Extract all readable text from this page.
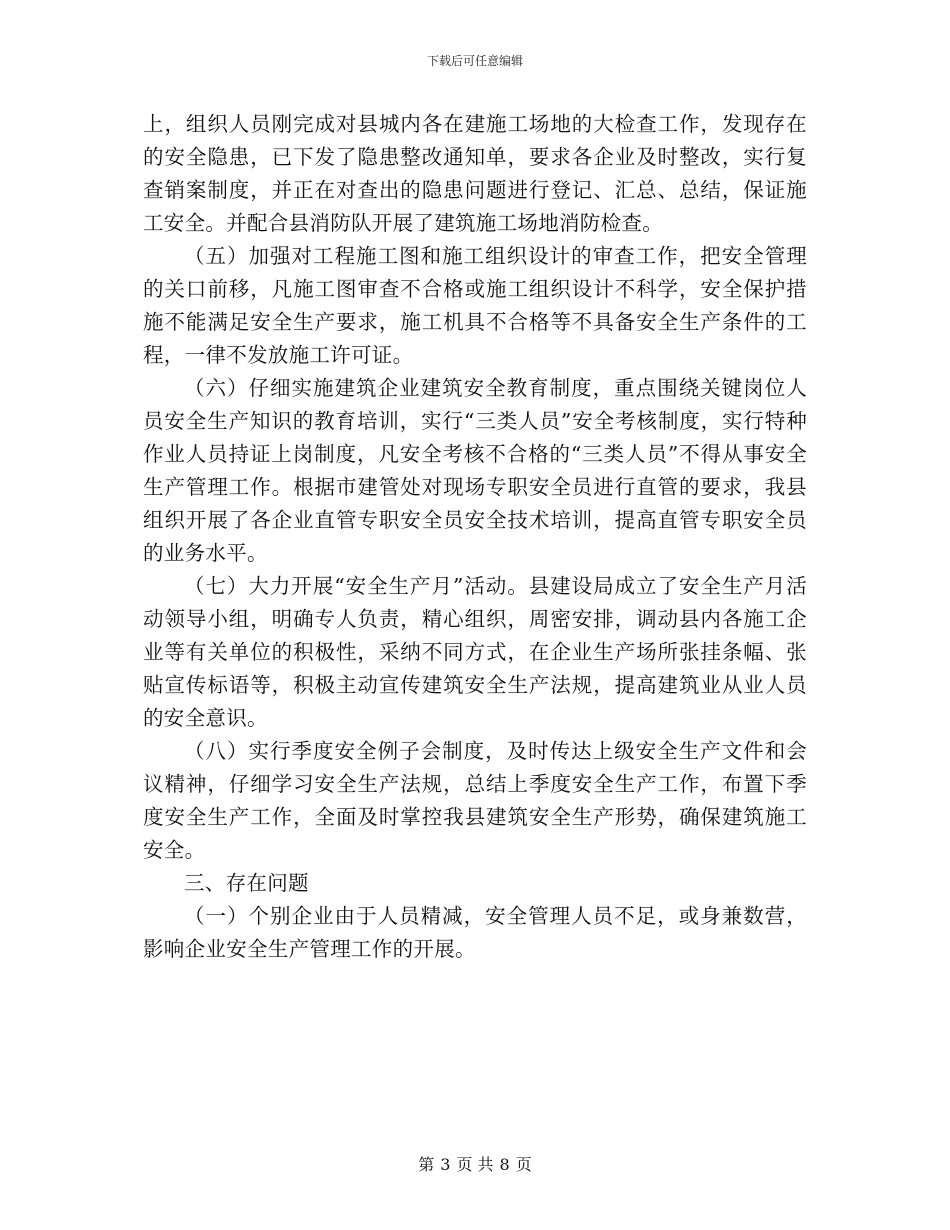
下载后可任意编辑

上，组织人员刚完成对县城内各在建施工场地的大检查工作，发现存在的安全隐患，已下发了隐患整改通知单，要求各企业及时整改，实行复查销案制度，并正在对查出的隐患问题进行登记、汇总、总结，保证施工安全。并配合县消防队开展了建筑施工场地消防检查。

（五）加强对工程施工图和施工组织设计的审查工作，把安全管理的关口前移，凡施工图审查不合格或施工组织设计不科学，安全保护措施不能满足安全生产要求，施工机具不合格等不具备安全生产条件的工程，一律不发放施工许可证。

（六）仔细实施建筑企业建筑安全教育制度，重点围绕关键岗位人员安全生产知识的教育培训，实行“三类人员”安全考核制度，实行特种作业人员持证上岗制度，凡安全考核不合格的“三类人员”不得从事安全生产管理工作。根据市建管处对现场专职安全员进行直管的要求，我县组织开展了各企业直管专职安全员安全技术培训，提高直管专职安全员的业务水平。

（七）大力开展“安全生产月”活动。县建设局成立了安全生产月活动领导小组，明确专人负责，精心组织，周密安排，调动县内各施工企业等有关单位的积极性，采纳不同方式，在企业生产场所张挂条幅、张贴宣传标语等，积极主动宣传建筑安全生产法规，提高建筑业从业人员的安全意识。

（八）实行季度安全例子会制度，及时传达上级安全生产文件和会议精神，仔细学习安全生产法规，总结上季度安全生产工作，布置下季度安全生产工作，全面及时掌控我县建筑安全生产形势，确保建筑施工安全。

三、存在问题

（一）个别企业由于人员精减，安全管理人员不足，或身兼数营，影响企业安全生产管理工作的开展。

第 3 页 共 8 页
